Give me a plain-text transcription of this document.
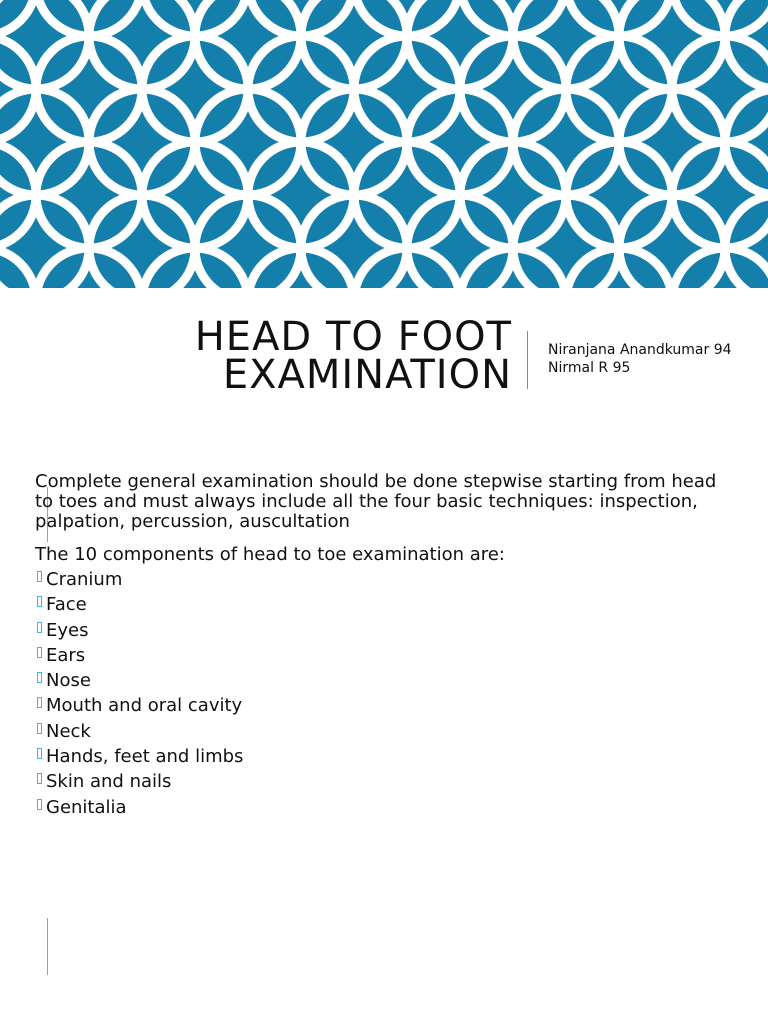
HEAD TO FOOT
EXAMINATION
Niranjana Anandkumar 94
Nirmal R 95

Complete general examination should be done stepwise starting from head to toes and must always include all the four basic techniques: inspection, palpation, percussion, auscultation

The 10 components of head to toe examination are:

Cranium
Face
Eyes
Ears
Nose
Mouth and oral cavity
Neck
Hands, feet and limbs
Skin and nails
Genitalia
